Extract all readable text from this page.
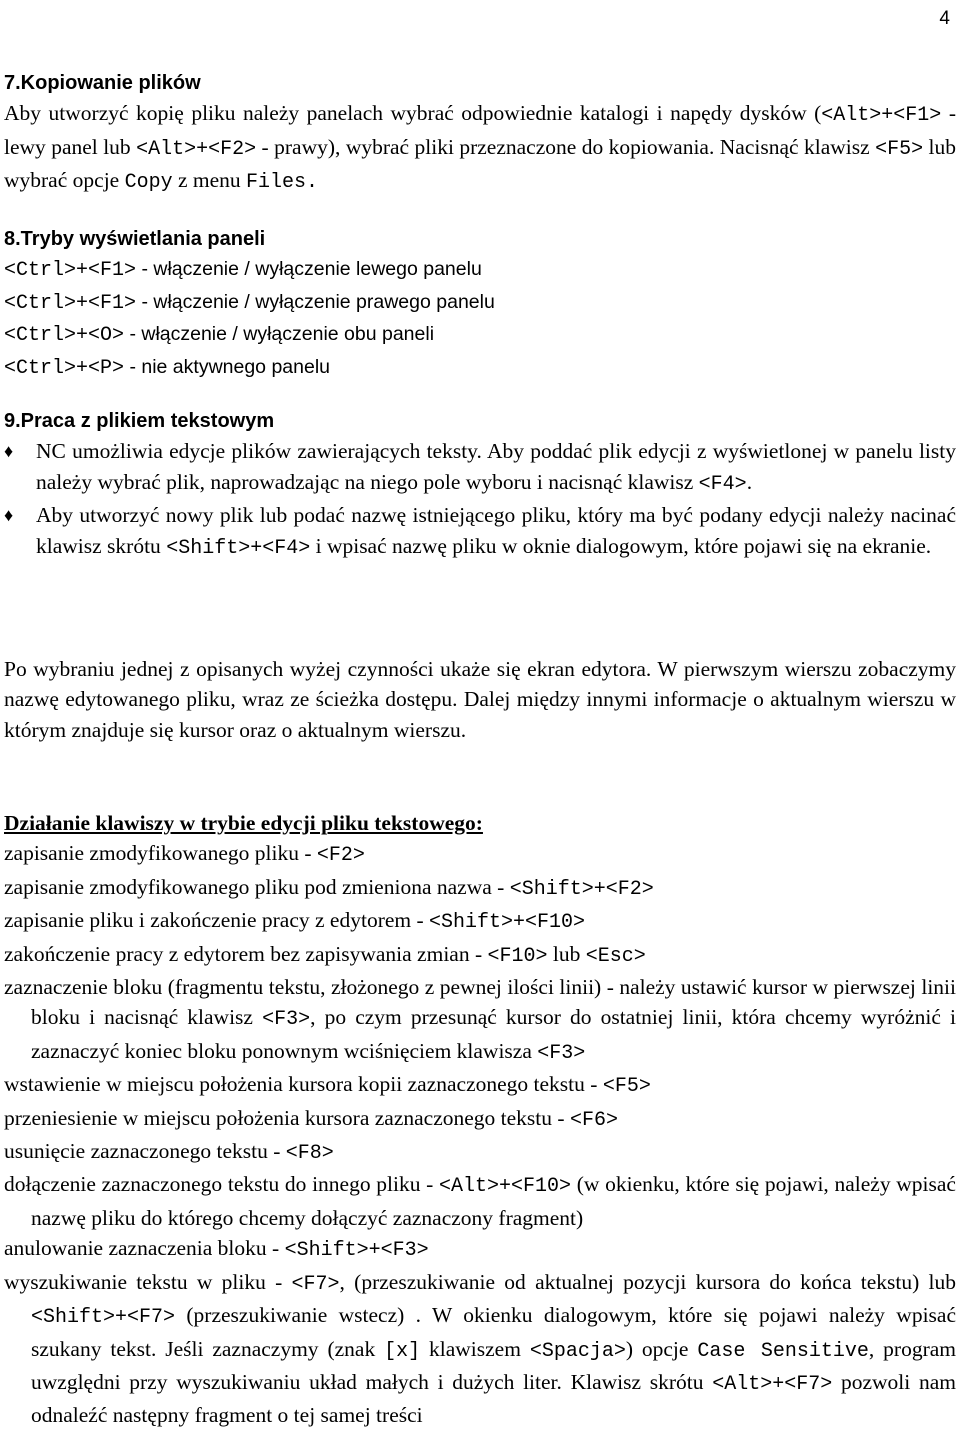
4
7.Kopiowanie plików
Aby utworzyć kopię pliku należy panelach wybrać odpowiednie katalogi i napędy dysków (<Alt>+<F1> - lewy panel lub <Alt>+<F2> - prawy), wybrać pliki przeznaczone do kopiowania. Nacisnąć klawisz <F5> lub wybrać opcje Copy z menu Files.
8.Tryby wyświetlania paneli
<Ctrl>+<F1> - włączenie / wyłączenie lewego panelu
<Ctrl>+<F1> - włączenie / wyłączenie prawego panelu
<Ctrl>+<O> - włączenie / wyłączenie obu paneli
<Ctrl>+<P> - nie aktywnego panelu
9.Praca z plikiem tekstowym
♦ NC umożliwia edycje plików zawierających teksty. Aby poddać plik edycji z wyświetlonej w panelu listy należy wybrać plik, naprowadzając na niego pole wyboru i nacisnąć klawisz <F4>.
♦ Aby utworzyć nowy plik lub podać nazwę istniejącego pliku, który ma być podany edycji należy nacinać klawisz skrótu <Shift>+<F4> i wpisać nazwę pliku w oknie dialogowym, które pojawi się na ekranie.
Po wybraniu jednej z opisanych wyżej czynności ukaże się ekran edytora. W pierwszym wierszu zobaczymy nazwę edytowanego pliku, wraz ze ścieżka dostępu. Dalej między innymi informacje o aktualnym wierszu w którym znajduje się kursor oraz o aktualnym wierszu.
Działanie klawiszy w trybie edycji pliku tekstowego:
zapisanie zmodyfikowanego pliku - <F2>
zapisanie zmodyfikowanego pliku pod zmieniona nazwa - <Shift>+<F2>
zapisanie pliku i zakończenie pracy z edytorem - <Shift>+<F10>
zakończenie pracy z edytorem bez zapisywania zmian - <F10> lub <Esc>
zaznaczenie bloku (fragmentu tekstu, złożonego z pewnej ilości linii) - należy ustawić kursor w pierwszej linii bloku i nacisnąć klawisz <F3>, po czym przesunąć kursor do ostatniej linii, która chcemy wyróżnić i zaznaczyć koniec bloku ponownym wciśnięciem klawisza <F3>
wstawienie w miejscu położenia kursora kopii zaznaczonego tekstu - <F5>
przeniesienie w miejscu położenia kursora zaznaczonego tekstu - <F6>
usunięcie zaznaczonego tekstu - <F8>
dołączenie zaznaczonego tekstu do innego pliku - <Alt>+<F10> (w okienku, które się pojawi, należy wpisać nazwę pliku do którego chcemy dołączyć zaznaczony fragment)
anulowanie zaznaczenia bloku - <Shift>+<F3>
wyszukiwanie tekstu w pliku - <F7>, (przeszukiwanie od aktualnej pozycji kursora do końca tekstu) lub <Shift>+<F7> (przeszukiwanie wstecz) . W okienku dialogowym, które się pojawi należy wpisać szukany tekst. Jeśli zaznaczymy (znak [x] klawiszem <Spacja>) opcje Case Sensitive, program uwzględni przy wyszukiwaniu układ małych i dużych liter. Klawisz skrótu <Alt>+<F7> pozwoli nam odnaleźć następny fragment o tej samej treści
